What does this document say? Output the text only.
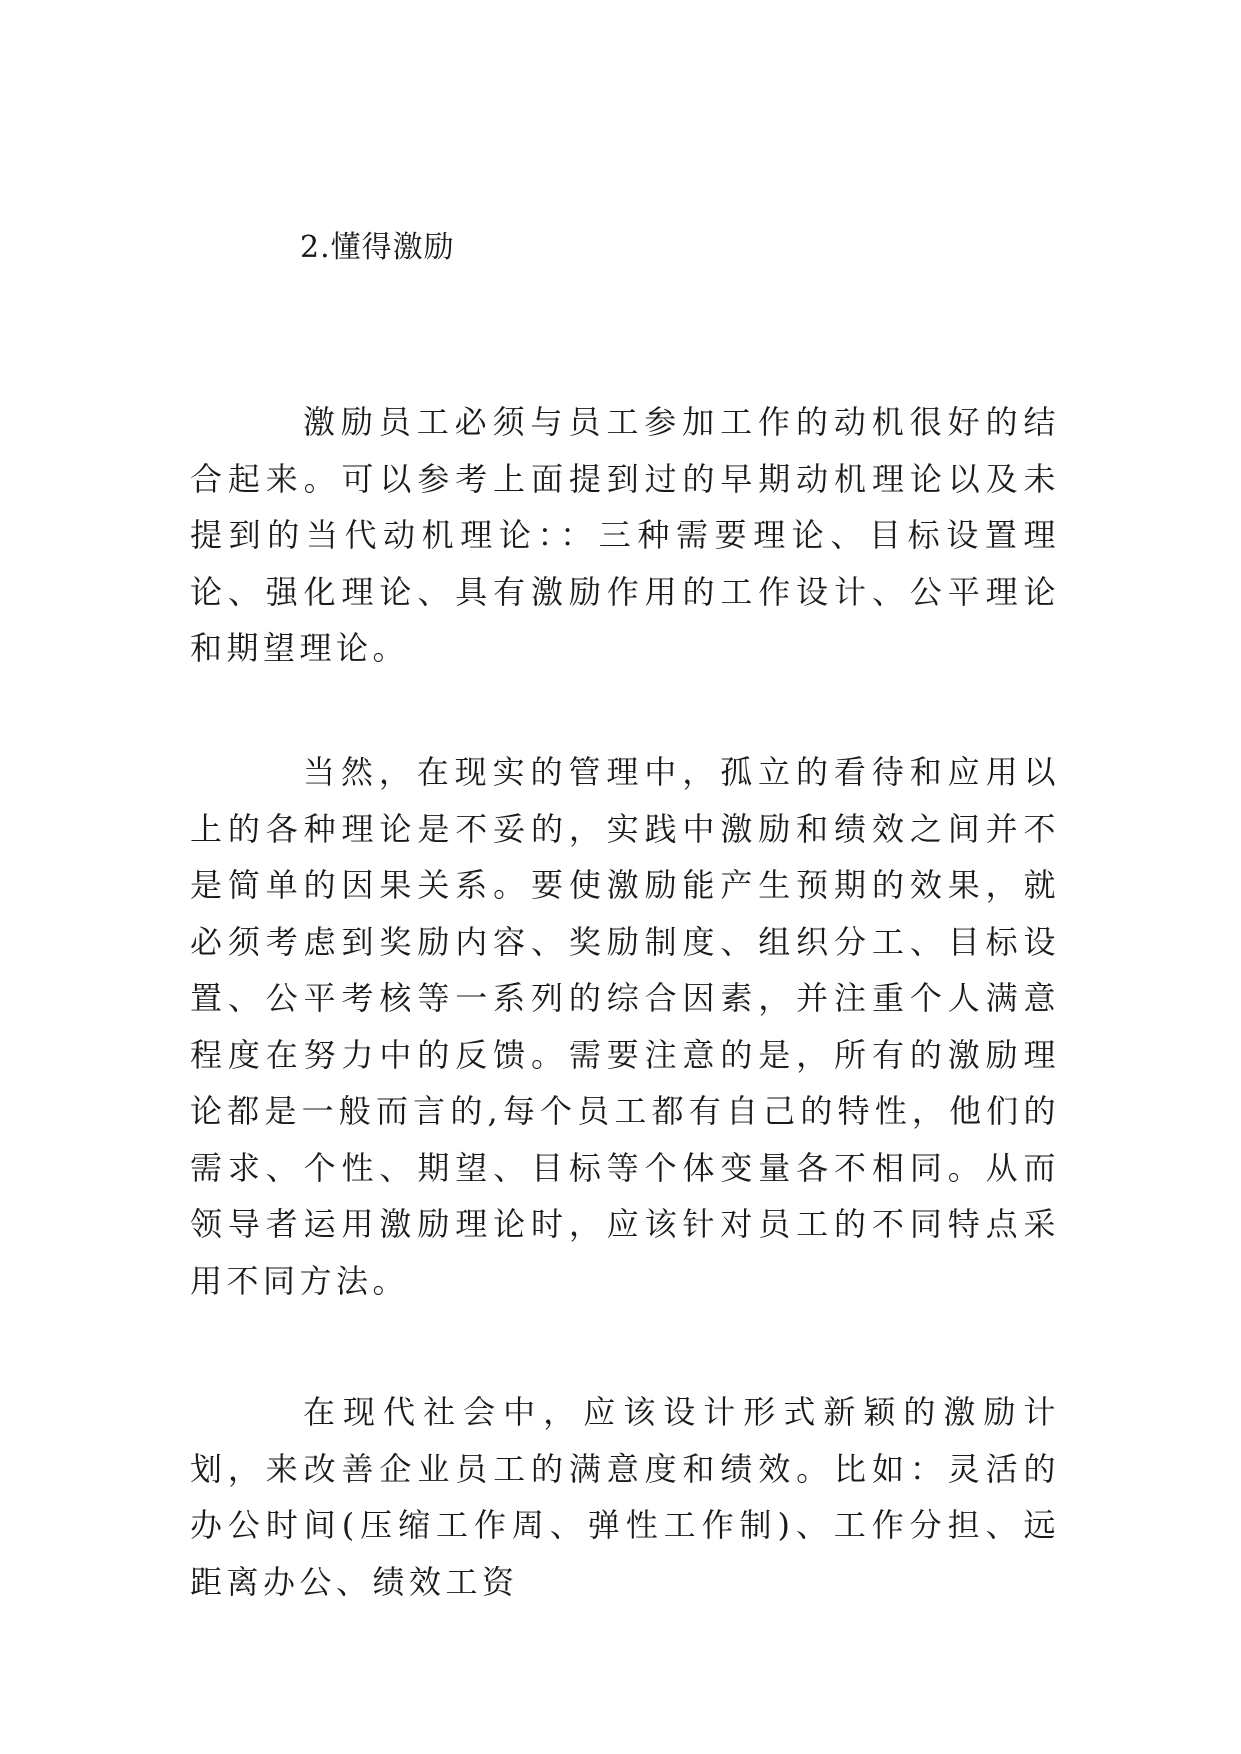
2.懂得激励

激励员工必须与员工参加工作的动机很好的结合起来。可以参考上面提到过的早期动机理论以及未提到的当代动机理论：：三种需要理论、目标设置理论、强化理论、具有激励作用的工作设计、公平理论和期望理论。

当然，在现实的管理中，孤立的看待和应用以上的各种理论是不妥的，实践中激励和绩效之间并不是简单的因果关系。要使激励能产生预期的效果，就必须考虑到奖励内容、奖励制度、组织分工、目标设置、公平考核等一系列的综合因素，并注重个人满意程度在努力中的反馈。需要注意的是，所有的激励理论都是一般而言的,每个员工都有自己的特性，他们的需求、个性、期望、目标等个体变量各不相同。从而领导者运用激励理论时，应该针对员工的不同特点采用不同方法。

在现代社会中，应该设计形式新颖的激励计划，来改善企业员工的满意度和绩效。比如：灵活的办公时间(压缩工作周、弹性工作制)、工作分担、远距离办公、绩效工资
